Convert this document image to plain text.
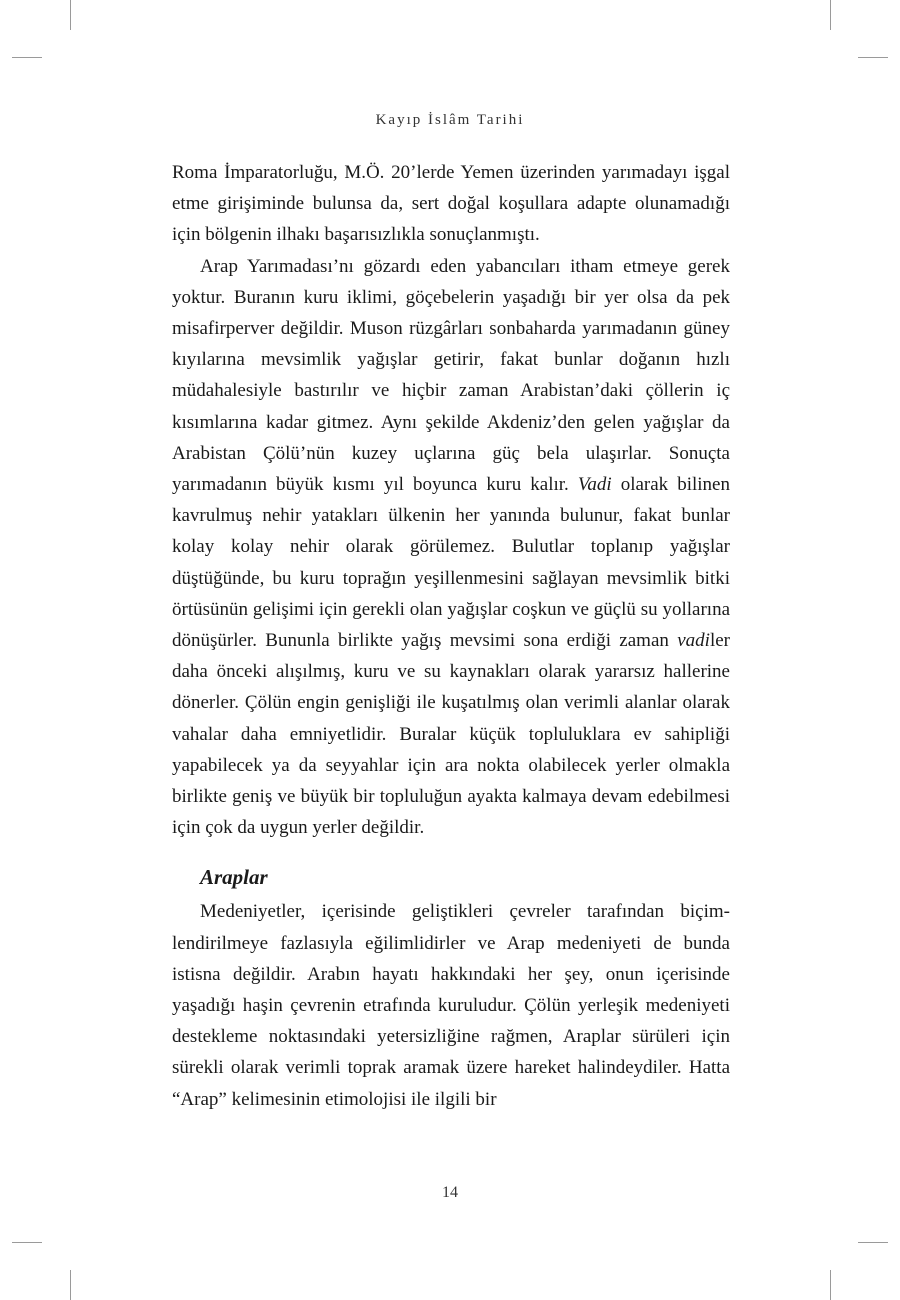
Kayıp İslâm Tarihi

Roma İmparatorluğu, M.Ö. 20’lerde Yemen üzerinden yarımadayı işgal etme girişiminde bulunsa da, sert doğal koşullara adapte olunamadığı için bölgenin ilhakı başarısızlıkla sonuçlanmıştı.

Arap Yarımadası’nı gözardı eden yabancıları itham etmeye gerek yoktur. Buranın kuru iklimi, göçebelerin yaşadığı bir yer olsa da pek misafirperver değildir. Muson rüzgârları sonbaharda yarımadanın güney kıyılarına mevsimlik yağışlar getirir, fakat bunlar doğanın hızlı müdahalesiyle bastırılır ve hiçbir zaman Arabistan’daki çöllerin iç kısımlarına kadar gitmez. Aynı şekilde Akdeniz’den gelen yağışlar da Arabistan Çölü’nün kuzey uçlarına güç bela ulaşırlar. Sonuçta yarımadanın büyük kısmı yıl boyunca kuru kalır. Vadi olarak bilinen kavrulmuş nehir yatakları ülkenin her yanında bulunur, fakat bunlar kolay kolay nehir olarak görülemez. Bulutlar toplanıp yağışlar düştüğünde, bu kuru toprağın yeşillenmesini sağlayan mevsimlik bitki örtüsünün gelişimi için gerekli olan yağışlar coşkun ve güçlü su yollarına dönüşürler. Bununla birlikte yağış mevsimi sona erdiği zaman vadiler daha önceki alışılmış, kuru ve su kaynakları olarak yararsız hallerine dönerler. Çölün engin genişliği ile kuşatılmış olan verimli alanlar olarak vahalar daha emniyetlidir. Buralar küçük topluluklara ev sahipliği yapabilecek ya da seyyahlar için ara nokta olabilecek yerler olmakla birlikte geniş ve büyük bir topluluğun ayakta kalmaya devam edebilmesi için çok da uygun yerler değildir.

Araplar

Medeniyetler, içerisinde geliştikleri çevreler tarafından biçimlendirilmeye fazlasıyla eğilimlidirler ve Arap medeniyeti de bunda istisna değildir. Arabın hayatı hakkındaki her şey, onun içerisinde yaşadığı haşin çevrenin etrafında kuruludur. Çölün yerleşik medeniyeti destekleme noktasındaki yetersizliğine rağmen, Araplar sürüleri için sürekli olarak verimli toprak aramak üzere hareket halindeydiler. Hatta “Arap” kelimesinin etimolojisi ile ilgili bir

14
